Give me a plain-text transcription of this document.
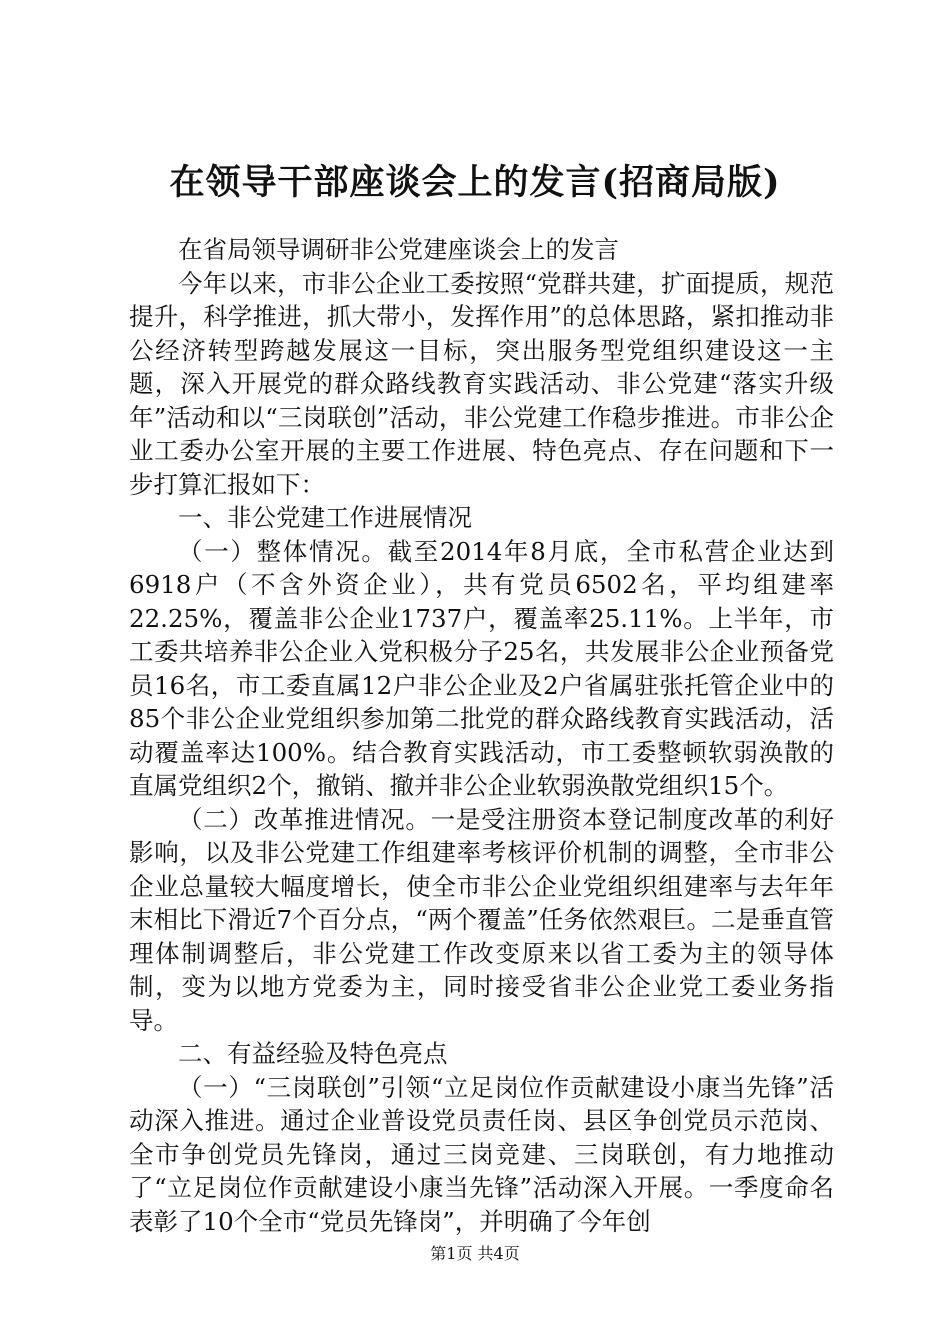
在领导干部座谈会上的发言(招商局版)

在省局领导调研非公党建座谈会上的发言

今年以来，市非公企业工委按照“党群共建，扩面提质，规范提升，科学推进，抓大带小，发挥作用”的总体思路，紧扣推动非公经济转型跨越发展这一目标，突出服务型党组织建设这一主题，深入开展党的群众路线教育实践活动、非公党建“落实升级年”活动和以“三岗联创”活动，非公党建工作稳步推进。市非公企业工委办公室开展的主要工作进展、特色亮点、存在问题和下一步打算汇报如下：

一、非公党建工作进展情况

（一）整体情况。截至2014年8月底，全市私营企业达到6918户（不含外资企业），共有党员6502名，平均组建率22.25%，覆盖非公企业1737户，覆盖率25.11%。上半年，市工委共培养非公企业入党积极分子25名，共发展非公企业预备党员16名，市工委直属12户非公企业及2户省属驻张托管企业中的85个非公企业党组织参加第二批党的群众路线教育实践活动，活动覆盖率达100%。结合教育实践活动，市工委整顿软弱涣散的直属党组织2个，撤销、撤并非公企业软弱涣散党组织15个。

（二）改革推进情况。一是受注册资本登记制度改革的利好影响，以及非公党建工作组建率考核评价机制的调整，全市非公企业总量较大幅度增长，使全市非公企业党组织组建率与去年年末相比下滑近7个百分点，“两个覆盖”任务依然艰巨。二是垂直管理体制调整后，非公党建工作改变原来以省工委为主的领导体制，变为以地方党委为主，同时接受省非公企业党工委业务指导。

二、有益经验及特色亮点

（一）“三岗联创”引领“立足岗位作贡献建设小康当先锋”活动深入推进。通过企业普设党员责任岗、县区争创党员示范岗、全市争创党员先锋岗，通过三岗竞建、三岗联创，有力地推动了“立足岗位作贡献建设小康当先锋”活动深入开展。一季度命名表彰了10个全市“党员先锋岗”，并明确了今年创

第1页 共4页
